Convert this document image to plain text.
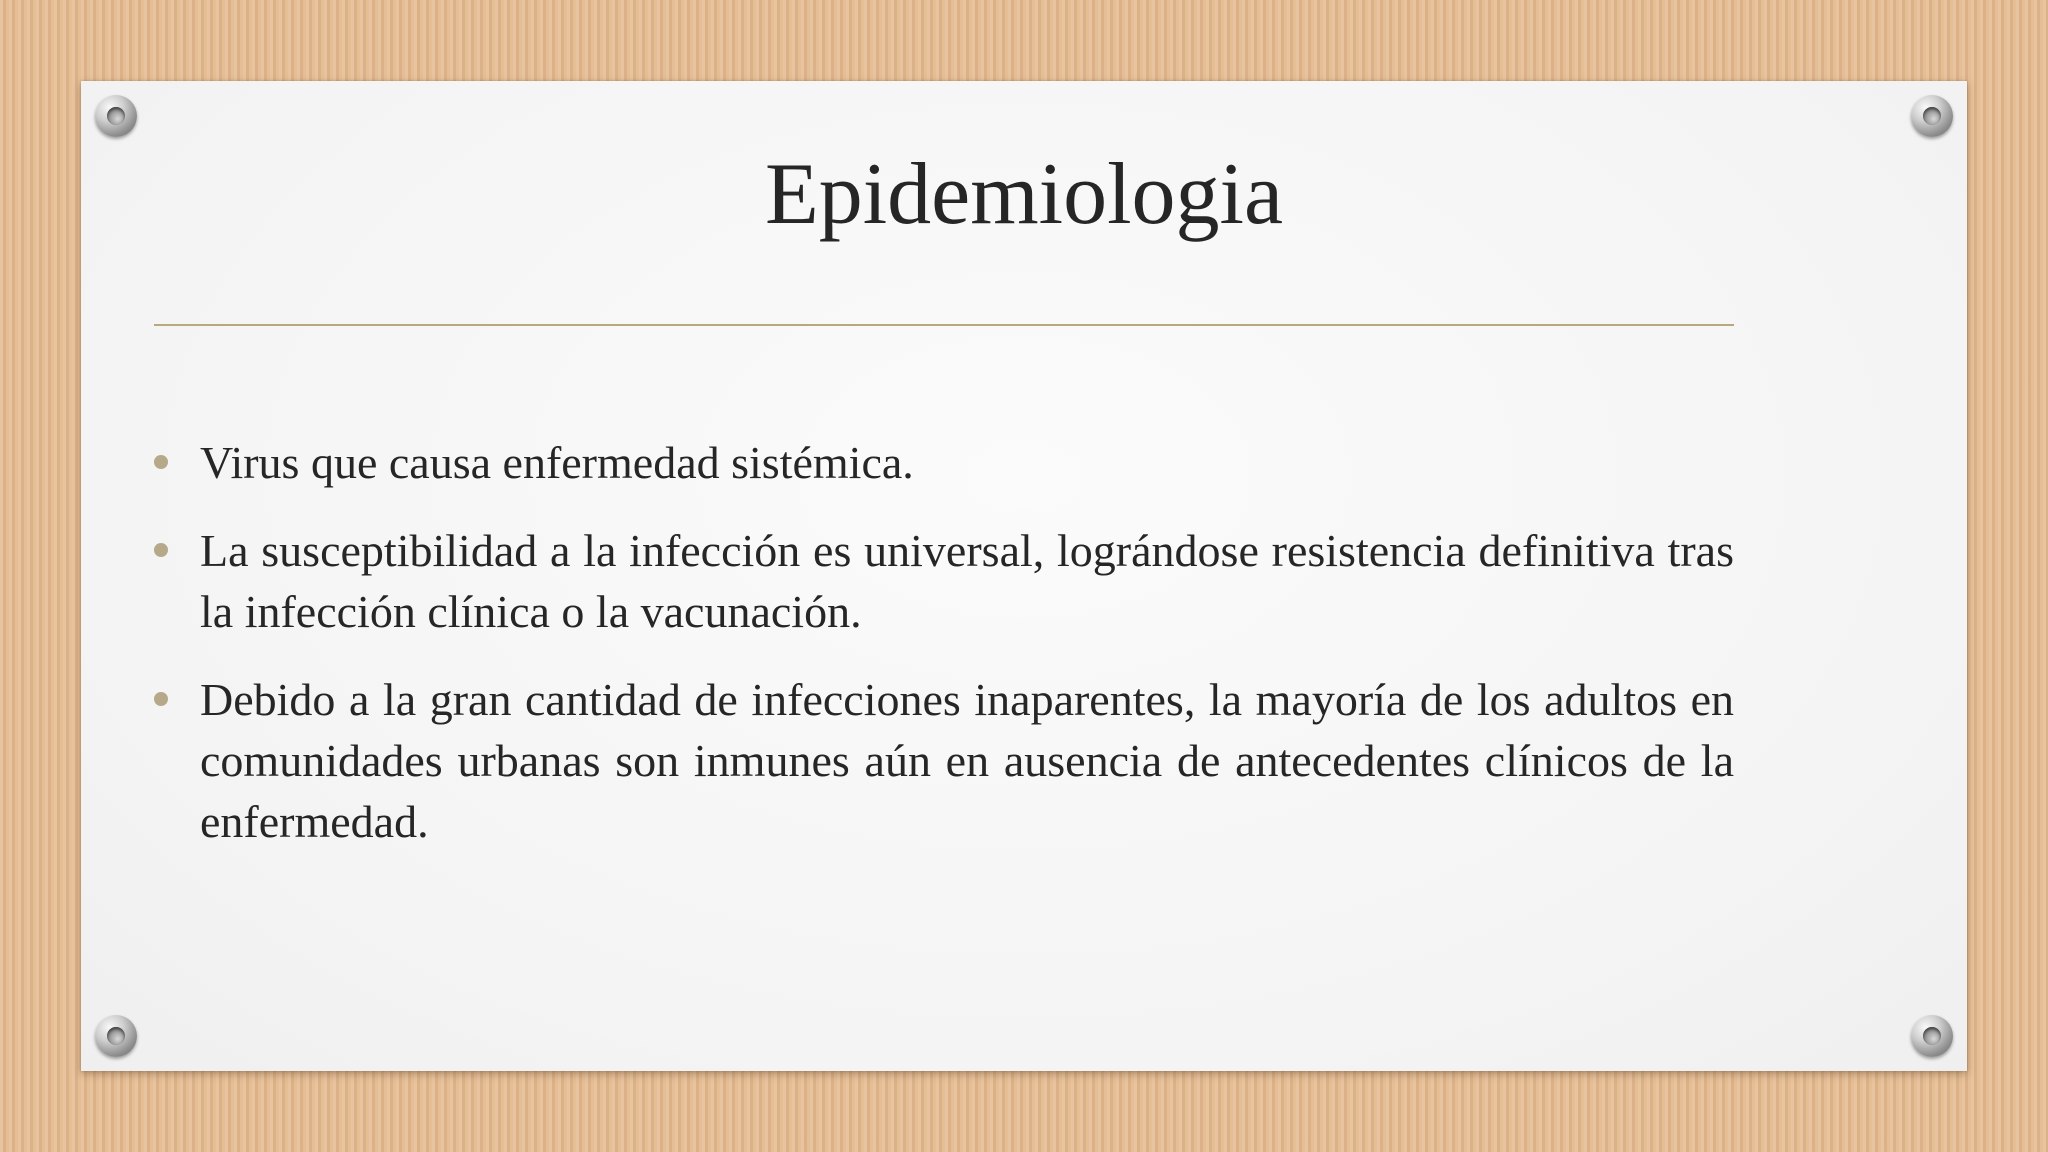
Epidemiologia
Virus que causa enfermedad sistémica.
La susceptibilidad a la infección es universal, lográndose resistencia definitiva tras la infección clínica o la vacunación.
Debido a la gran cantidad de infecciones inaparentes, la mayoría de los adultos en comunidades urbanas son inmunes aún en ausencia de antecedentes clínicos de la enfermedad.
